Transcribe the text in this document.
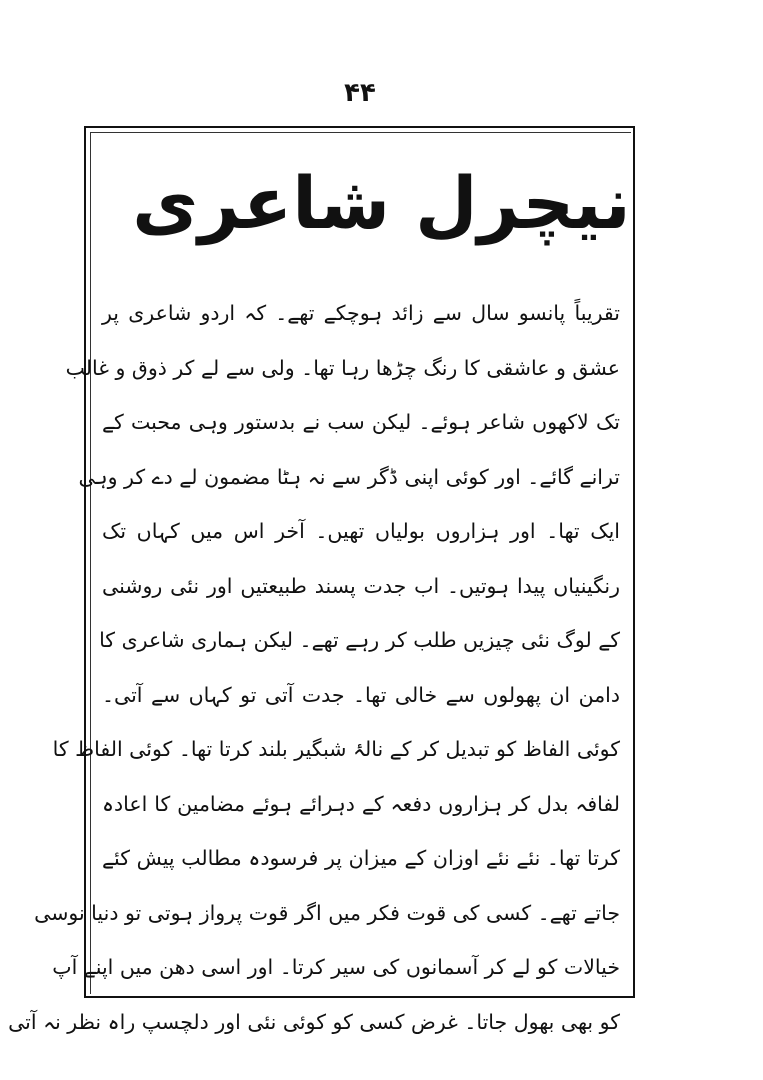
۴۴
نیچرل شاعری
تقریباً پانسو سال سے زائد ہوچکے تھے۔ کہ اردو شاعری پر
عشق و عاشقی کا رنگ چڑھا رہا تھا۔ ولی سے لے کر ذوق و غالب
تک لاکھوں شاعر ہوئے۔ لیکن سب نے بدستور وہی محبت کے
ترانے گائے۔ اور کوئی اپنی ڈگر سے نہ ہٹا مضمون لے دے کر وہی
ایک تھا۔ اور ہزاروں بولیاں تھیں۔ آخر اس میں کہاں تک
رنگینیاں پیدا ہوتیں۔ اب جدت پسند طبیعتیں اور نئی روشنی
کے لوگ نئی چیزیں طلب کر رہے تھے۔ لیکن ہماری شاعری کا
دامن ان پھولوں سے خالی تھا۔ جدت آتی تو کہاں سے آتی۔
کوئی الفاظ کو تبدیل کر کے نالۂ شبگیر بلند کرتا تھا۔ کوئی الفاظ کا
لفافہ بدل کر ہزاروں دفعہ کے دہرائے ہوئے مضامین کا اعادہ
کرتا تھا۔ نئے نئے اوزان کے میزان پر فرسودہ مطالب پیش کئے
جاتے تھے۔ کسی کی قوت فکر میں اگر قوت پرواز ہوتی تو دنیا نوسی
خیالات کو لے کر آسمانوں کی سیر کرتا۔ اور اسی دھن میں اپنے آپ
کو بھی بھول جاتا۔ غرض کسی کو کوئی نئی اور دلچسپ راہ نظر نہ آتی
